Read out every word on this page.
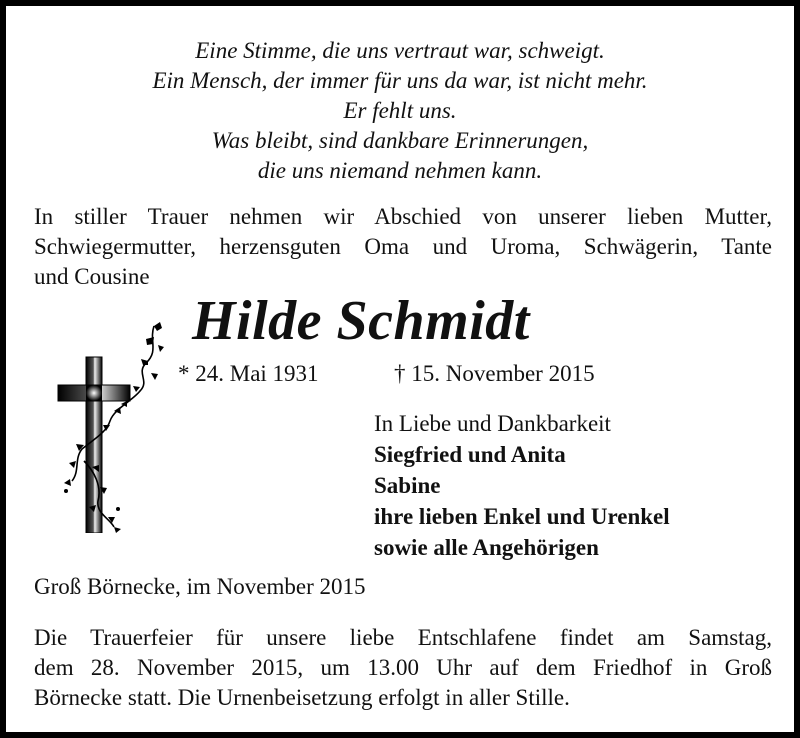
Eine Stimme, die uns vertraut war, schweigt.
Ein Mensch, der immer für uns da war, ist nicht mehr.
Er fehlt uns.
Was bleibt, sind dankbare Erinnerungen,
die uns niemand nehmen kann.
In stiller Trauer nehmen wir Abschied von unserer lieben Mutter,
Schwiegermutter, herzensguten Oma und Uroma, Schwägerin, Tante
und Cousine
Hilde Schmidt
* 24. Mai 1931	† 15. November 2015
In Liebe und Dankbarkeit
Siegfried und Anita
Sabine
ihre lieben Enkel und Urenkel
sowie alle Angehörigen
Groß Börnecke, im November 2015
Die Trauerfeier für unsere liebe Entschlafene findet am Samstag,
dem 28. November 2015, um 13.00 Uhr auf dem Friedhof in Groß
Börnecke statt. Die Urnenbeisetzung erfolgt in aller Stille.
